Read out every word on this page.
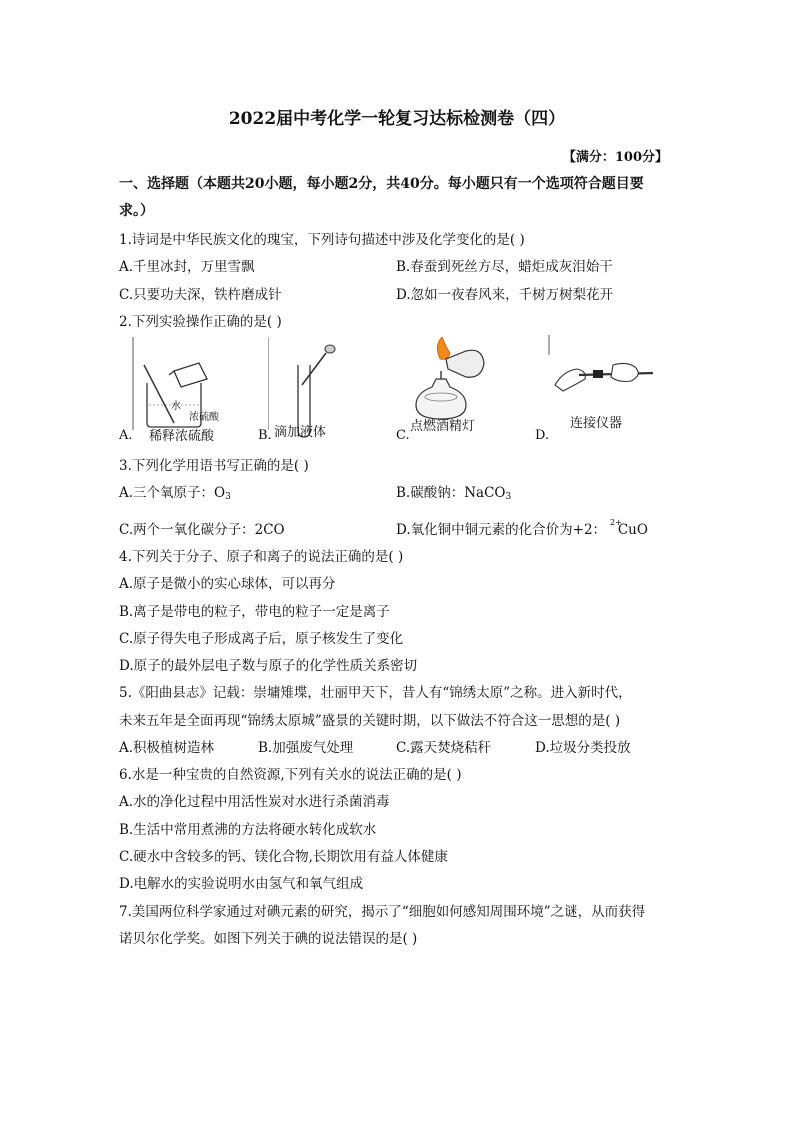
2022届中考化学一轮复习达标检测卷（四）
【满分：100分】
一、选择题（本题共20小题，每小题2分，共40分。每小题只有一个选项符合题目要
求。）
1.诗词是中华民族文化的瑰宝，下列诗句描述中涉及化学变化的是( )
A.千里冰封，万里雪飘	B.春蚕到死丝方尽，蜡炬成灰泪始干
C.只要功夫深，铁杵磨成针	D.忽如一夜春风来，千树万树梨花开
2.下列实验操作正确的是( )
水
浓硫酸
稀释浓硫酸
A.	滴加液体
B.
点燃酒精灯
C.
连接仪器
D.
3.下列化学用语书写正确的是( )
A.三个氧原子：$O_3$	B.碳酸钠：NaCO$_3$
C.两个一氧化碳分子：2CO	D.氧化铜中铜元素的化合价为+2： $^{2+}$CuO
4.下列关于分子、原子和离子的说法正确的是( )
A.原子是微小的实心球体，可以再分
B.离子是带电的粒子，带电的粒子一定是离子
C.原子得失电子形成离子后，原子核发生了变化
D.原子的最外层电子数与原子的化学性质关系密切
5.《阳曲县志》记载：崇墉雉堞，壮丽甲天下，昔人有“锦绣太原”之称。进入新时代，
未来五年是全面再现“锦绣太原城”盛景的关键时期，以下做法不符合这一思想的是( )
A.积极植树造林	B.加强废气处理	C.露天焚烧秸秆	D.垃圾分类投放
6.水是一种宝贵的自然资源,下列有关水的说法正确的是( )
A.水的净化过程中用活性炭对水进行杀菌消毒
B.生活中常用煮沸的方法将硬水转化成软水
C.硬水中含较多的钙、镁化合物,长期饮用有益人体健康
D.电解水的实验说明水由氢气和氧气组成
7.美国两位科学家通过对碘元素的研究，揭示了“细胞如何感知周围环境”之谜，从而获得
诺贝尔化学奖。如图下列关于碘的说法错误的是( )
